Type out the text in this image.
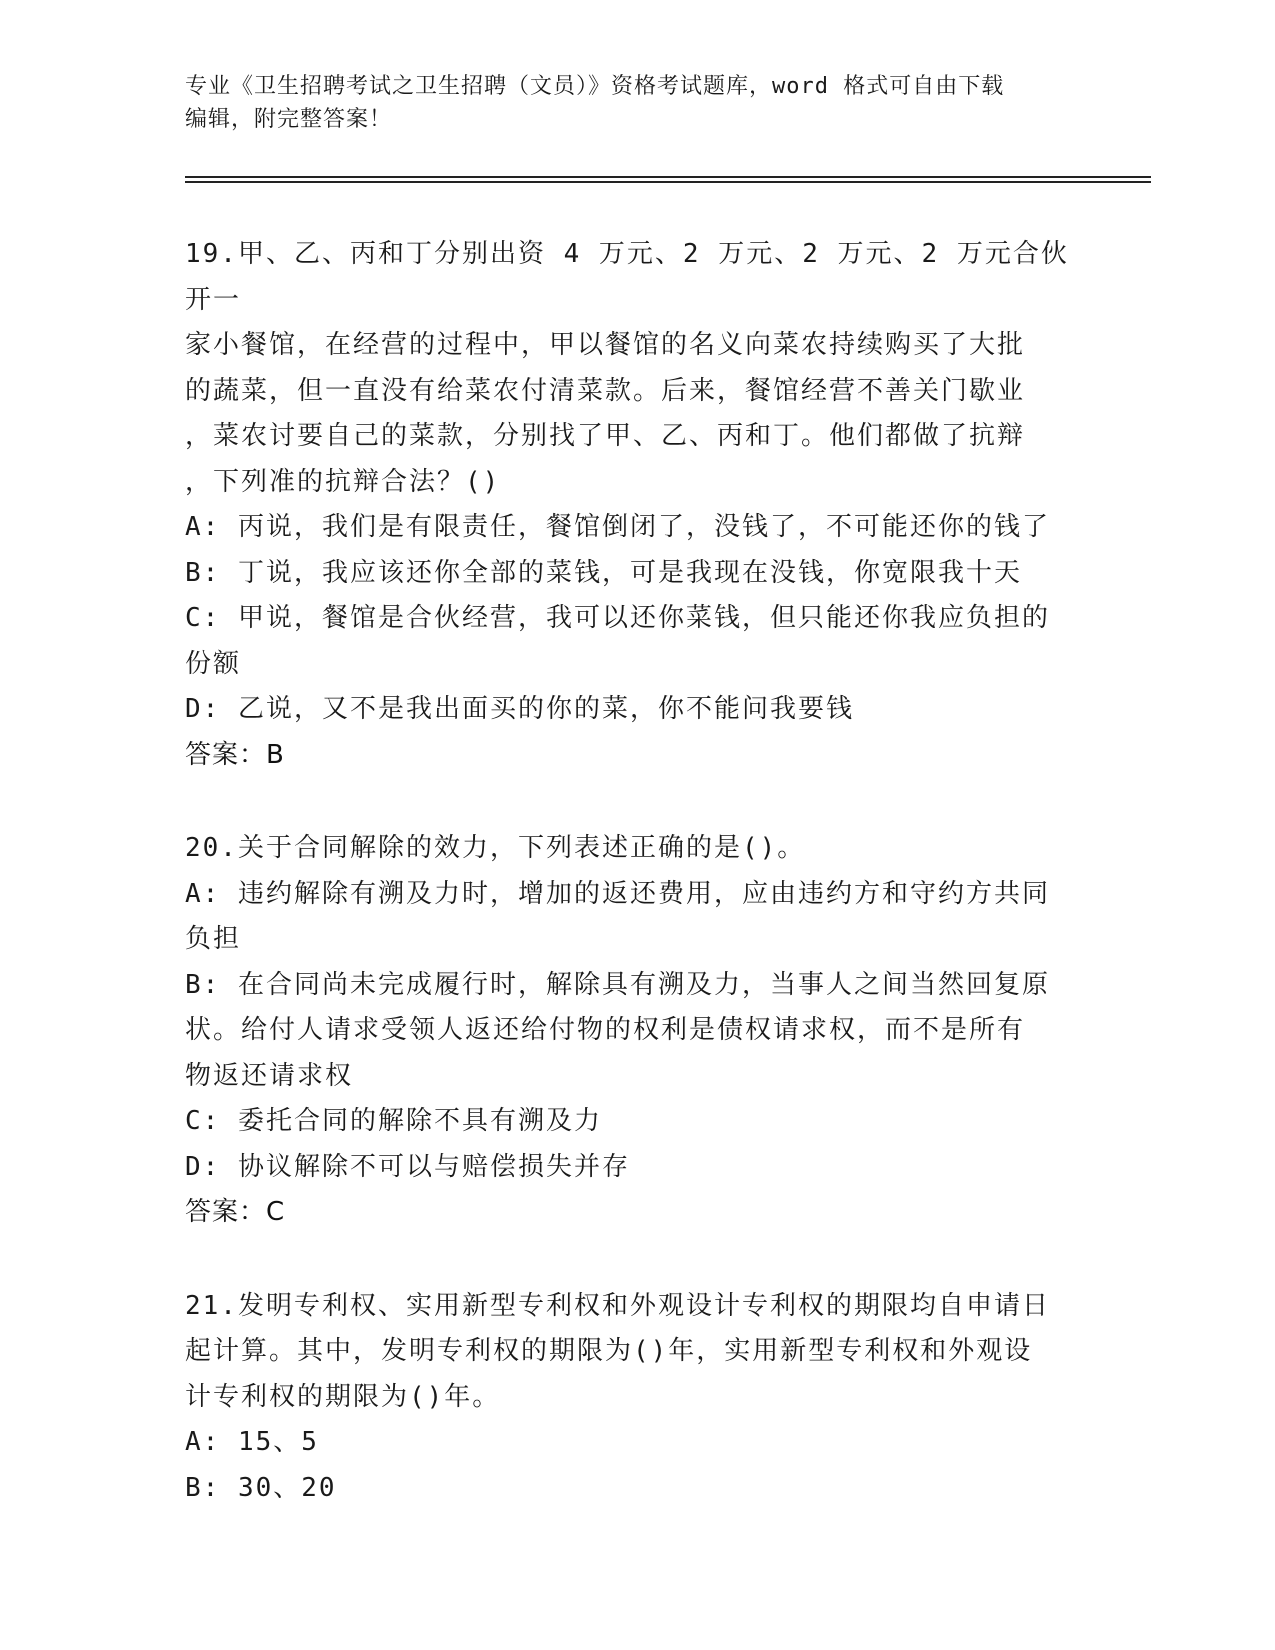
专业《卫生招聘考试之卫生招聘（文员）》资格考试题库，word 格式可自由下载
编辑，附完整答案！
19.甲、乙、丙和丁分别出资 4 万元、2 万元、2 万元、2 万元合伙开一
家小餐馆，在经营的过程中，甲以餐馆的名义向菜农持续购买了大批
的蔬菜，但一直没有给菜农付清菜款。后来，餐馆经营不善关门歇业
，菜农讨要自己的菜款，分别找了甲、乙、丙和丁。他们都做了抗辩
，下列准的抗辩合法？()
A: 丙说，我们是有限责任，餐馆倒闭了，没钱了，不可能还你的钱了
B: 丁说，我应该还你全部的菜钱，可是我现在没钱，你宽限我十天
C: 甲说，餐馆是合伙经营，我可以还你菜钱，但只能还你我应负担的
份额
D: 乙说，又不是我出面买的你的菜，你不能问我要钱
答案：B
20.关于合同解除的效力，下列表述正确的是()。
A: 违约解除有溯及力时，增加的返还费用，应由违约方和守约方共同
负担
B: 在合同尚未完成履行时，解除具有溯及力，当事人之间当然回复原
状。给付人请求受领人返还给付物的权利是债权请求权，而不是所有
物返还请求权
C: 委托合同的解除不具有溯及力
D: 协议解除不可以与赔偿损失并存
答案：C
21.发明专利权、实用新型专利权和外观设计专利权的期限均自申请日
起计算。其中，发明专利权的期限为()年，实用新型专利权和外观设
计专利权的期限为()年。
A: 15、5
B: 30、20
